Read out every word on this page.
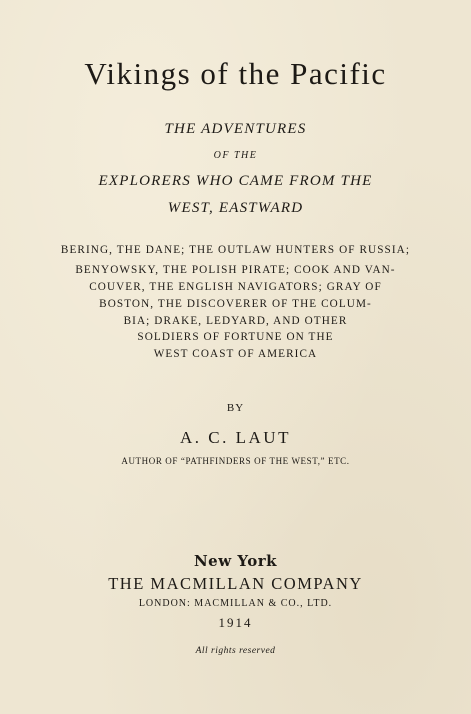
Vikings of the Pacific

THE ADVENTURES

OF THE

EXPLORERS WHO CAME FROM THE

WEST, EASTWARD

BERING, THE DANE; THE OUTLAW HUNTERS OF RUSSIA;

BENYOWSKY, THE POLISH PIRATE; COOK AND VAN-

COUVER, THE ENGLISH NAVIGATORS; GRAY OF

BOSTON, THE DISCOVERER OF THE COLUM-

BIA; DRAKE, LEDYARD, AND OTHER

SOLDIERS OF FORTUNE ON THE

WEST COAST OF AMERICA

BY

A. C. LAUT

AUTHOR OF “PATHFINDERS OF THE WEST,” ETC.

New York

THE MACMILLAN COMPANY

LONDON: MACMILLAN & CO., LTD.

1914

All rights reserved
